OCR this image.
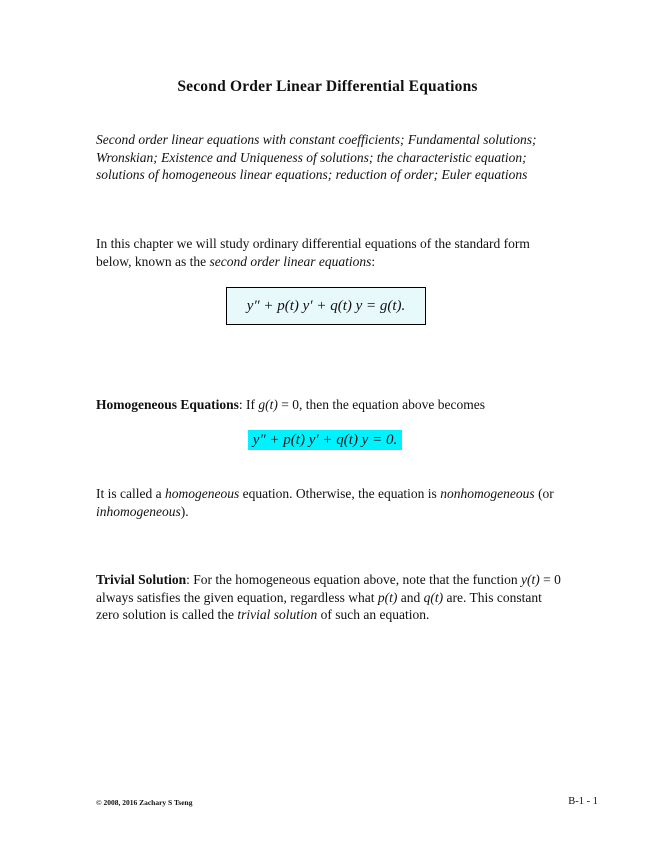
Second Order Linear Differential Equations
Second order linear equations with constant coefficients; Fundamental solutions; Wronskian; Existence and Uniqueness of solutions; the characteristic equation; solutions of homogeneous linear equations; reduction of order; Euler equations
In this chapter we will study ordinary differential equations of the standard form below, known as the second order linear equations:
y″ + p(t) y′ + q(t) y = g(t).
Homogeneous Equations: If g(t) = 0, then the equation above becomes
y″ + p(t) y′ + q(t) y = 0.
It is called a homogeneous equation. Otherwise, the equation is nonhomogeneous (or inhomogeneous).
Trivial Solution: For the homogeneous equation above, note that the function y(t) = 0 always satisfies the given equation, regardless what p(t) and q(t) are. This constant zero solution is called the trivial solution of such an equation.
© 2008, 2016 Zachary S Tseng	B-1 - 1
